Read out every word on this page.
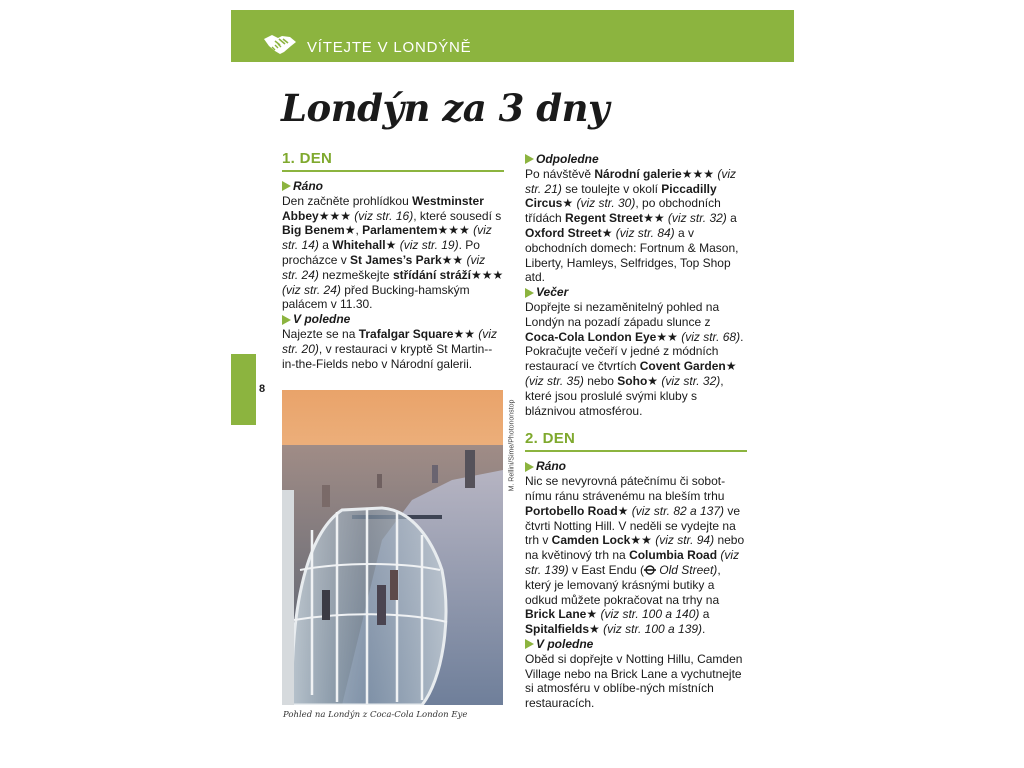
VÍTEJTE V LONDÝNĚ
Londýn za 3 dny
8
1. DEN
Ráno

Den začněte prohlídkou Westminster Abbey★★★ (viz str. 16), které sousedí s Big Benem★, Parlamentem★★★ (viz str. 14) a Whitehall★ (viz str. 19). Po procházce v St James’s Park★★ (viz str. 24) nezmeškejte střídání stráží★★★ (viz str. 24) před Bucking-hamským palácem v 11.30.

V poledne

Najezte se na Trafalgar Square★★ (viz str. 20), v restauraci v kryptě St Martin--in-the-Fields nebo v Národní galerii.

M. Rellini/Sime/Photononstop
Pohled na Londýn z Coca-Cola London Eye
Odpoledne

Po návštěvě Národní galerie★★★ (viz str. 21) se toulejte v okolí Piccadilly Circus★ (viz str. 30), po obchodních třídách Regent Street★★ (viz str. 32) a Oxford Street★ (viz str. 84) a v obchodních domech: Fortnum & Mason, Liberty, Hamleys, Selfridges, Top Shop atd.

Večer

Dopřejte si nezaměnitelný pohled na Londýn na pozadí západu slunce z Coca-Cola London Eye★★ (viz str. 68). Pokračujte večeří v jedné z módních restaurací ve čtvrtích Covent Garden★ (viz str. 35) nebo Soho★ (viz str. 32), které jsou proslulé svými kluby s bláznivou atmosférou.

2. DEN
Ráno

Nic se nevyrovná pátečnímu či sobot-nímu ránu strávenému na bleším trhu Portobello Road★ (viz str. 82 a 137) ve čtvrti Notting Hill. V neděli se vydejte na trh v Camden Lock★★ (viz str. 94) nebo na květinový trh na Columbia Road (viz str. 139) v East Endu ( Old Street), který je lemovaný krásnými butiky a odkud můžete pokračovat na trhy na Brick Lane★ (viz str. 100 a 140) a Spitalfields★ (viz str. 100 a 139).

V poledne

Oběd si dopřejte v Notting Hillu, Camden Village nebo na Brick Lane a vychutnejte si atmosféru v oblíbe-ných místních restauracích.
